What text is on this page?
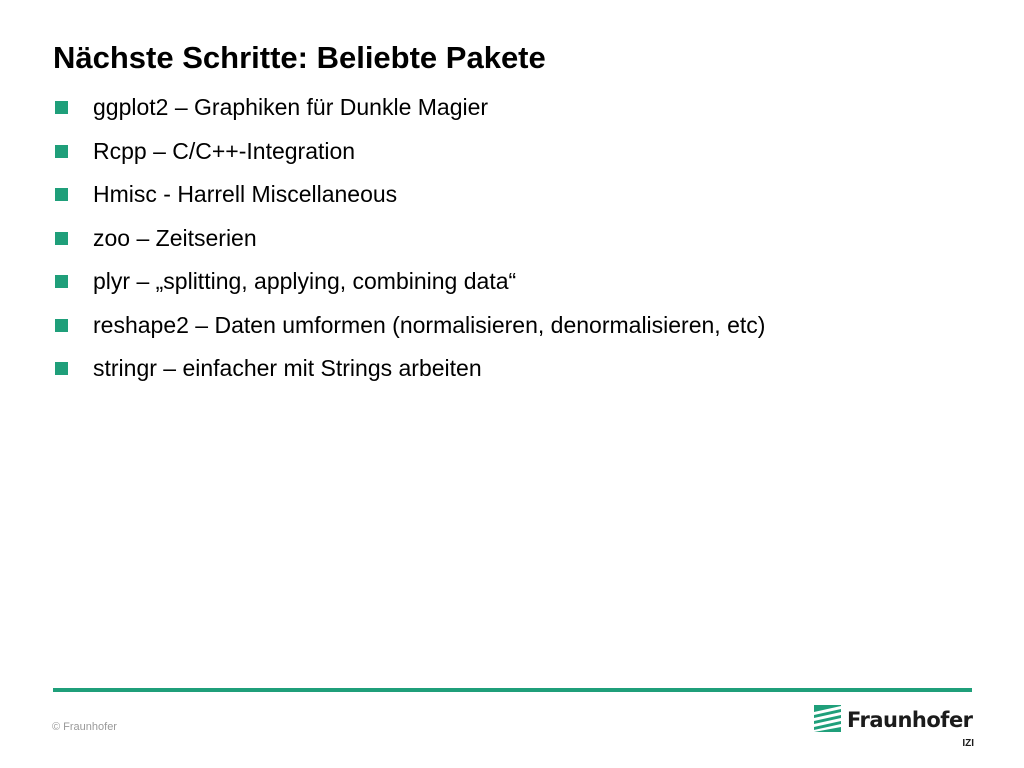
Nächste Schritte: Beliebte Pakete
ggplot2 – Graphiken für Dunkle Magier
Rcpp – C/C++-Integration
Hmisc - Harrell Miscellaneous
zoo – Zeitserien
plyr – „splitting, applying, combining data“
reshape2 – Daten umformen (normalisieren, denormalisieren, etc)
stringr – einfacher mit Strings arbeiten
© Fraunhofer	Fraunhofer
IZI
